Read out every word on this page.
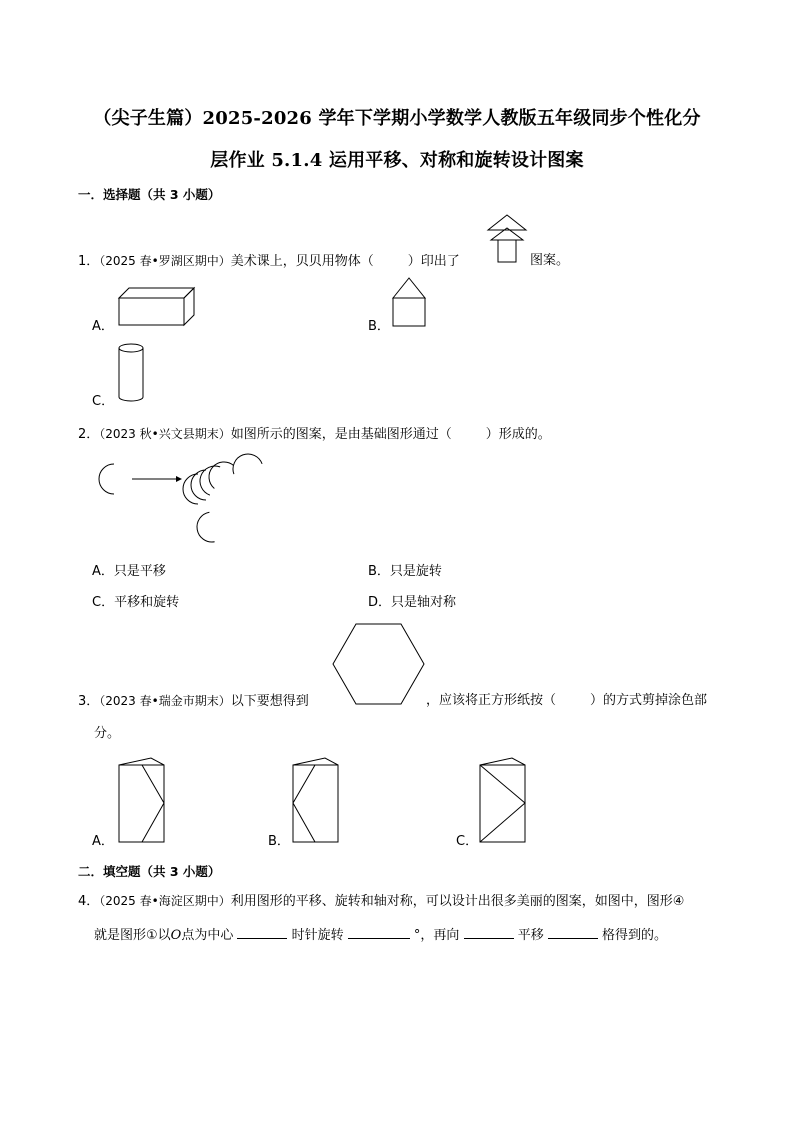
（尖子生篇）2025-2026 学年下学期小学数学人教版五年级同步个性化分
层作业 5.1.4 运用平移、对称和旋转设计图案
一．选择题（共 3 小题）
1．（2025 春•罗湖区期中）美术课上，贝贝用物体（	）印出了	图案。
A．	B．
C．
2．（2023 秋•兴文县期末）如图所示的图案，是由基础图形通过（	）形成的。
A．只是平移	B．只是旋转
C．平移和旋转	D．只是轴对称
3．（2023 春•瑞金市期末）以下要想得到	，应该将正方形纸按（	）的方式剪掉涂色部
分。
A．	B．	C．
二．填空题（共 3 小题）
4．（2025 春•海淀区期中）利用图形的平移、旋转和轴对称，可以设计出很多美丽的图案，如图中，图形④
就是图形①以O点为中心	时针旋转	°，再向	平移	格得到的。
